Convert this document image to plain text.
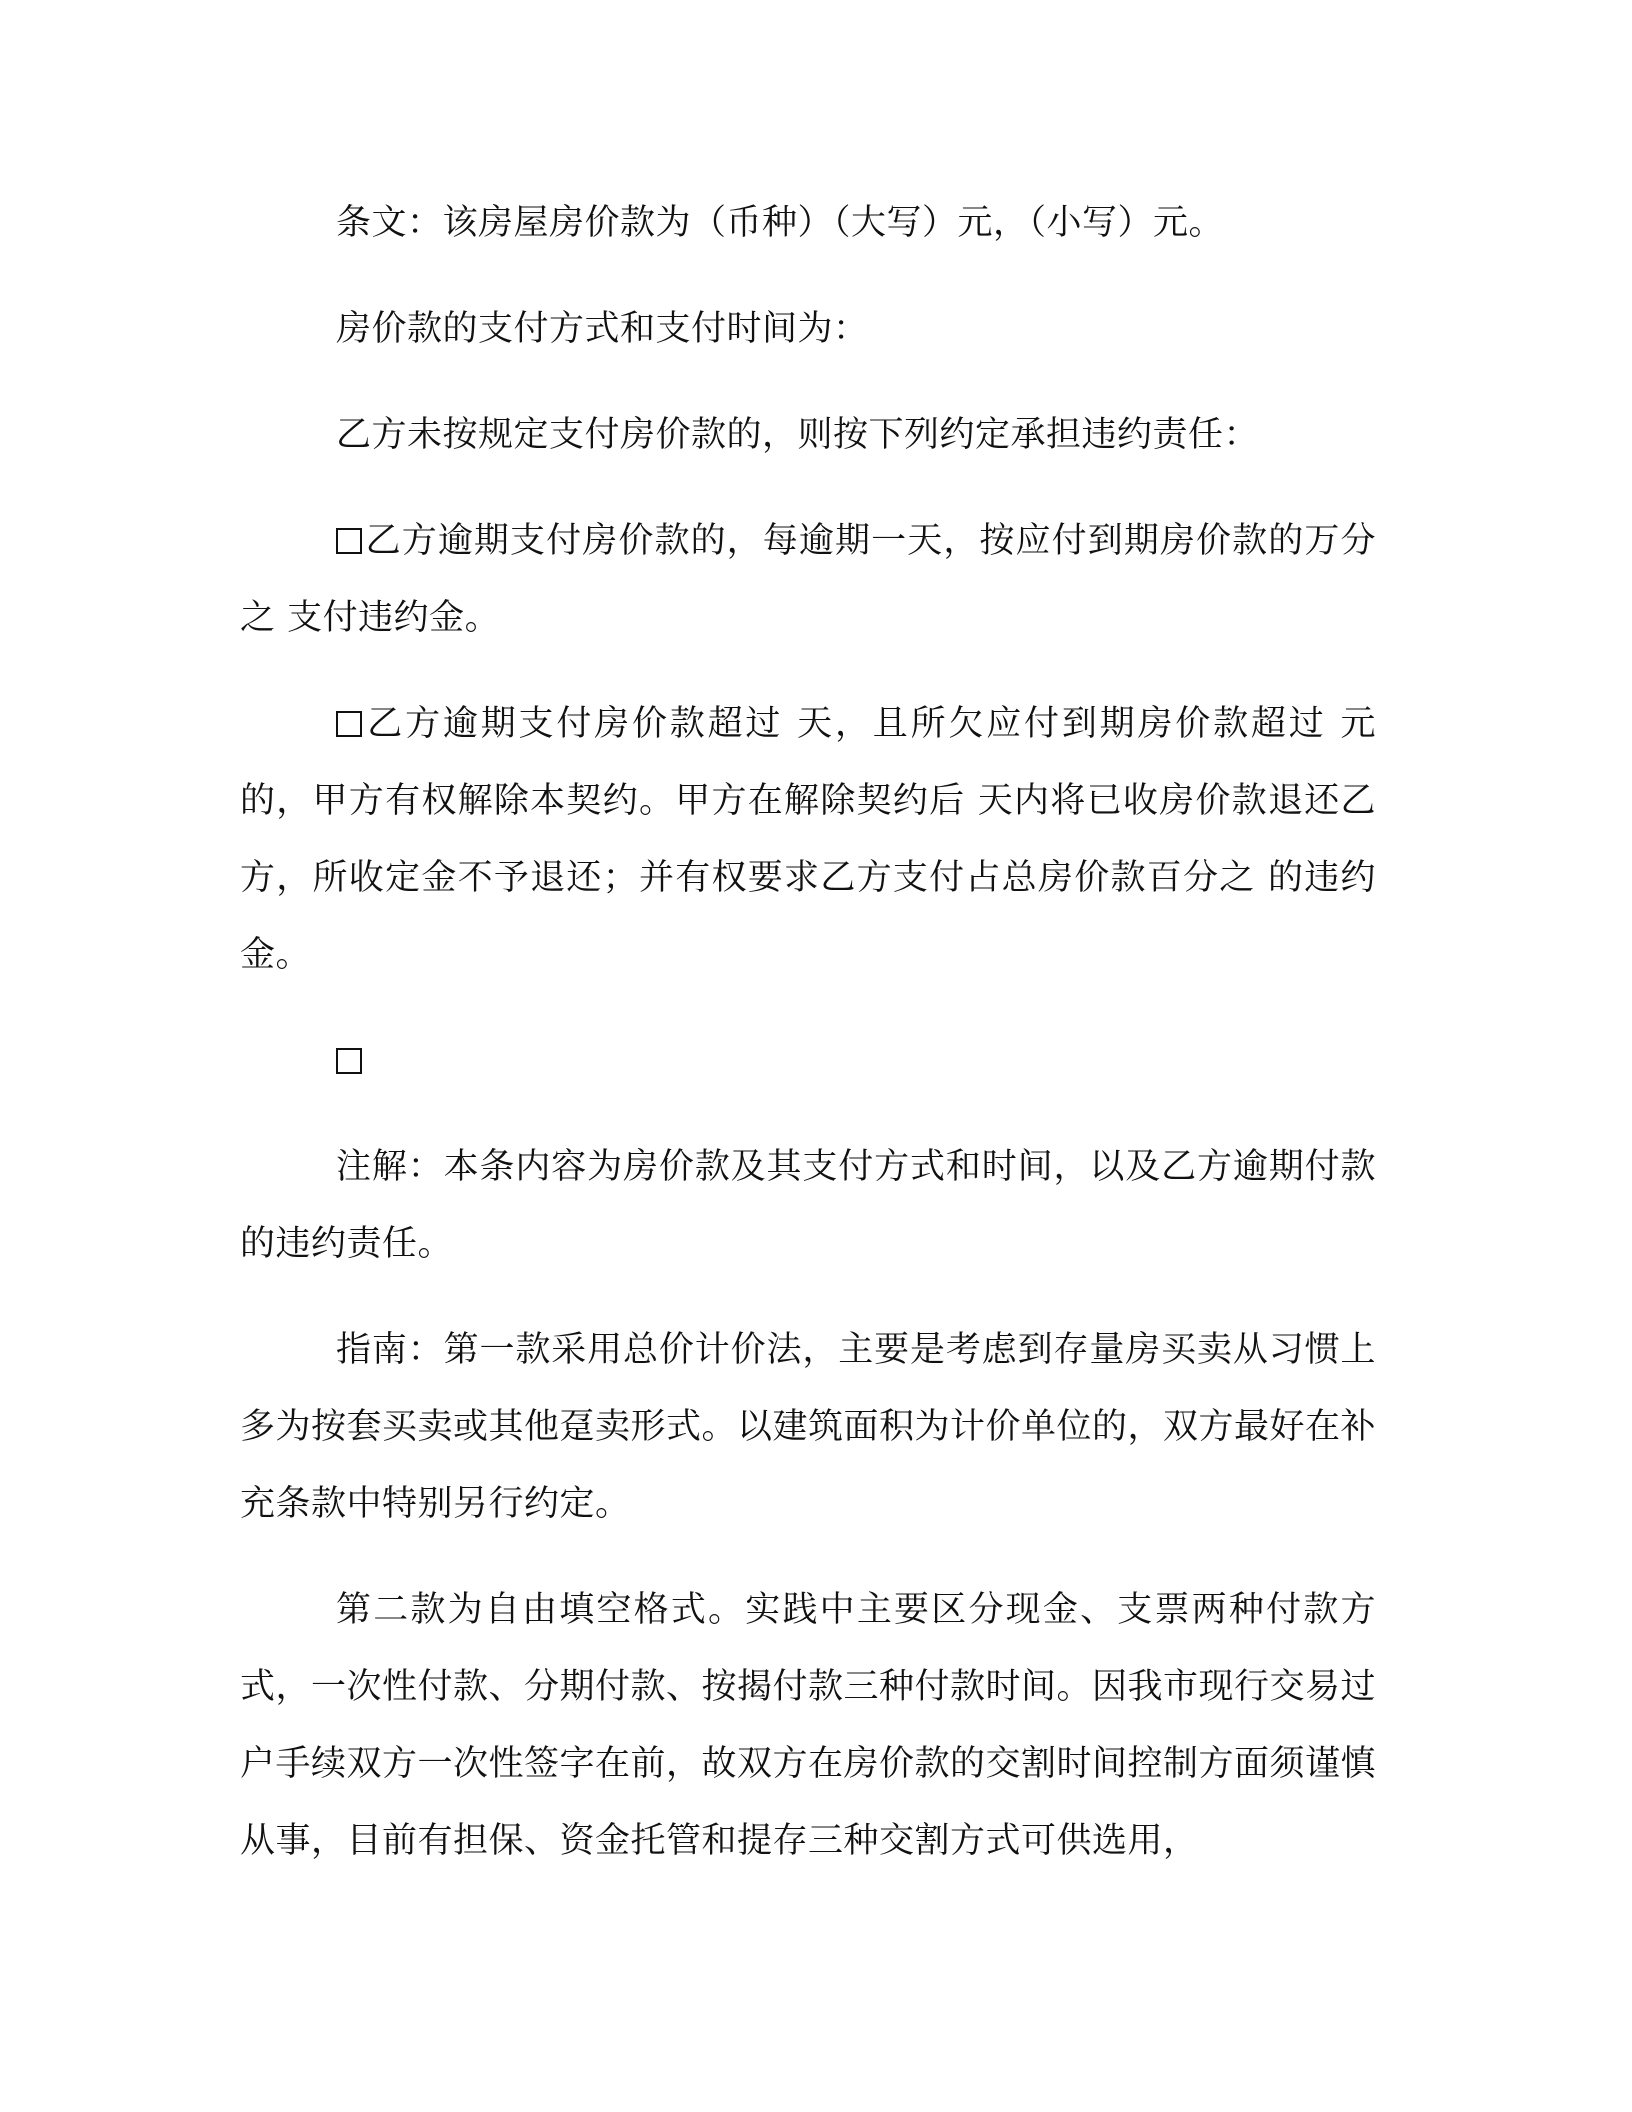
条文：该房屋房价款为（币种）（大写）元，（小写）元。

房价款的支付方式和支付时间为：

乙方未按规定支付房价款的，则按下列约定承担违约责任：

乙方逾期支付房价款的，每逾期一天，按应付到期房价款的万分之 支付违约金。

乙方逾期支付房价款超过 天，且所欠应付到期房价款超过 元的，甲方有权解除本契约。甲方在解除契约后 天内将已收房价款退还乙方，所收定金不予退还；并有权要求乙方支付占总房价款百分之 的违约金。

注解：本条内容为房价款及其支付方式和时间，以及乙方逾期付款的违约责任。

指南：第一款采用总价计价法，主要是考虑到存量房买卖从习惯上多为按套买卖或其他趸卖形式。以建筑面积为计价单位的，双方最好在补充条款中特别另行约定。

第二款为自由填空格式。实践中主要区分现金、支票两种付款方式，一次性付款、分期付款、按揭付款三种付款时间。因我市现行交易过户手续双方一次性签字在前，故双方在房价款的交割时间控制方面须谨慎从事，目前有担保、资金托管和提存三种交割方式可供选用，
